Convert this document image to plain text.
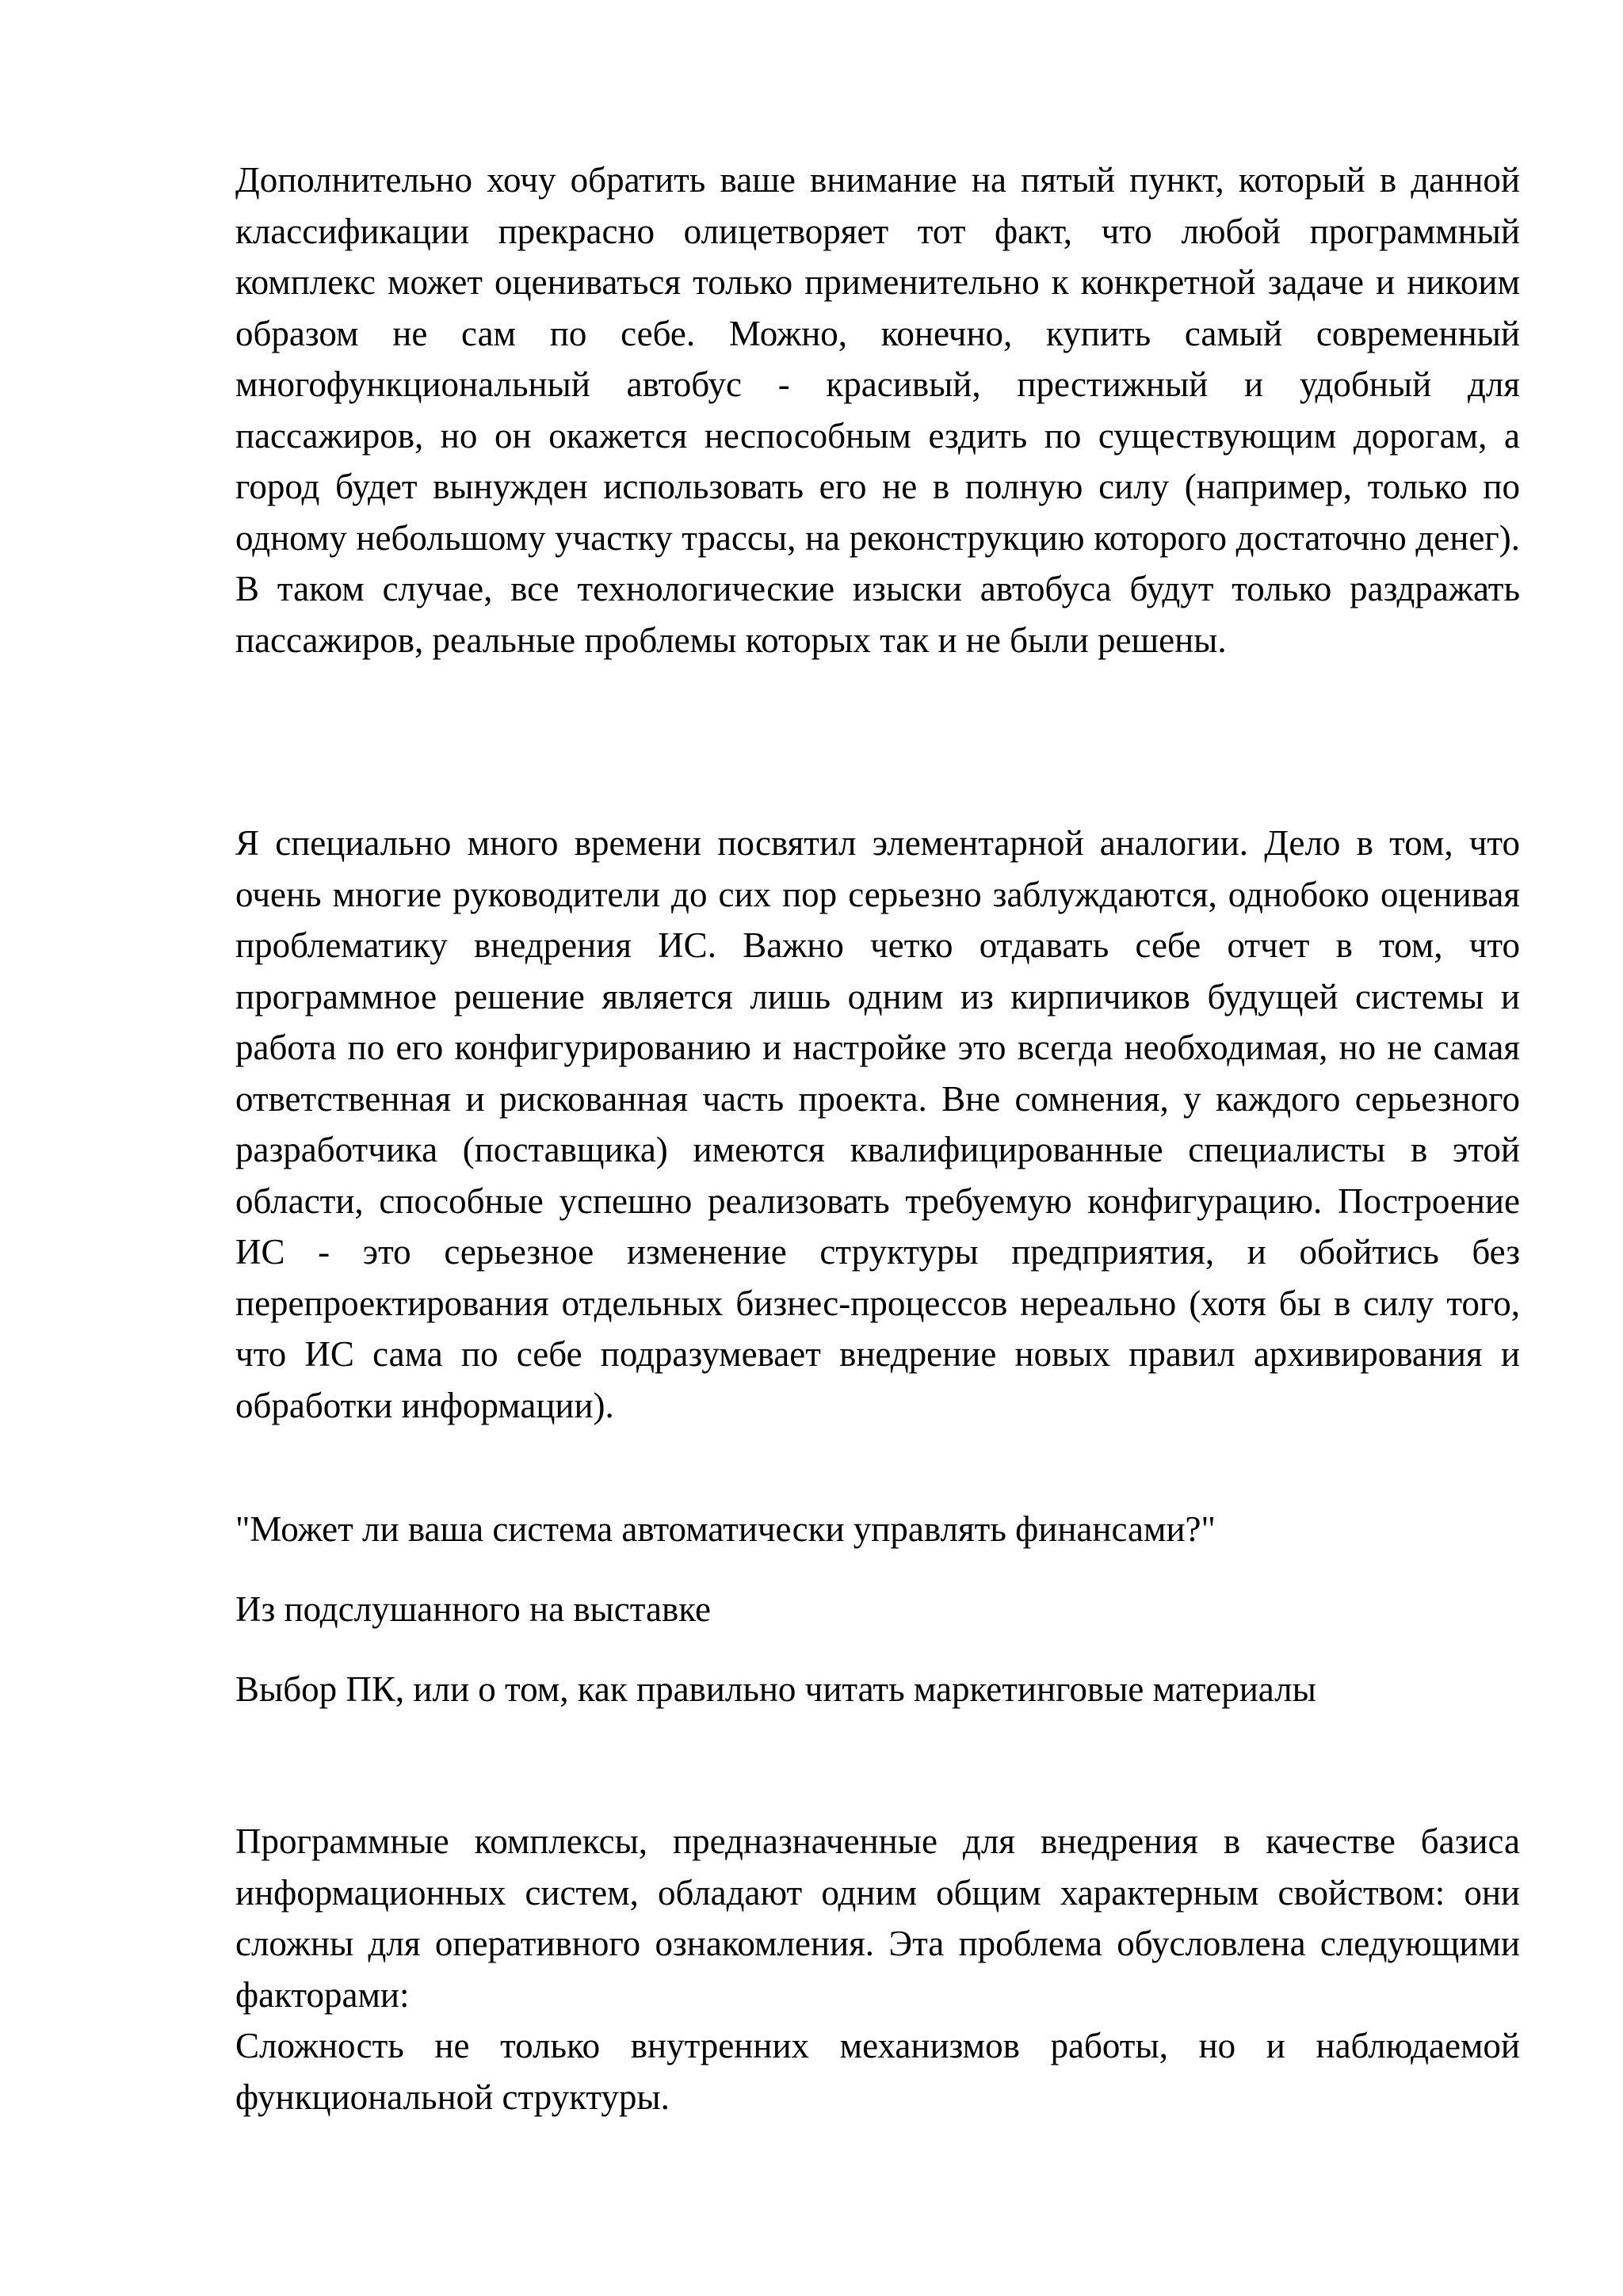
Дополнительно хочу обратить ваше внимание на пятый пункт, который в данной классификации прекрасно олицетворяет тот факт, что любой программный комплекс может оцениваться только применительно к конкретной задаче и никоим образом не сам по себе. Можно, конечно, купить самый современный многофункциональный автобус - красивый, престижный и удобный для пассажиров, но он окажется неспособным ездить по существующим дорогам, а город будет вынужден использовать его не в полную силу (например, только по одному небольшому участку трассы, на реконструкцию которого достаточно денег). В таком случае, все технологические изыски автобуса будут только раздражать пассажиров, реальные проблемы которых так и не были решены.

Я специально много времени посвятил элементарной аналогии. Дело в том, что очень многие руководители до сих пор серьезно заблуждаются, однобоко оценивая проблематику внедрения ИС. Важно четко отдавать себе отчет в том, что программное решение является лишь одним из кирпичиков будущей системы и работа по его конфигурированию и настройке это всегда необходимая, но не самая ответственная и рискованная часть проекта. Вне сомнения, у каждого серьезного разработчика (поставщика) имеются квалифицированные специалисты в этой области, способные успешно реализовать требуемую конфигурацию. Построение ИС - это серьезное изменение структуры предприятия, и обойтись без перепроектирования отдельных бизнес-процессов нереально (хотя бы в силу того, что ИС сама по себе подразумевает внедрение новых правил архивирования и обработки информации).

"Может ли ваша система автоматически управлять финансами?"

Из подслушанного на выставке

Выбор ПК, или о том, как правильно читать маркетинговые материалы

Программные комплексы, предназначенные для внедрения в качестве базиса информационных систем, обладают одним общим характерным свойством: они сложны для оперативного ознакомления. Эта проблема обусловлена следующими факторами:

Сложность не только внутренних механизмов работы, но и наблюдаемой функциональной структуры.
